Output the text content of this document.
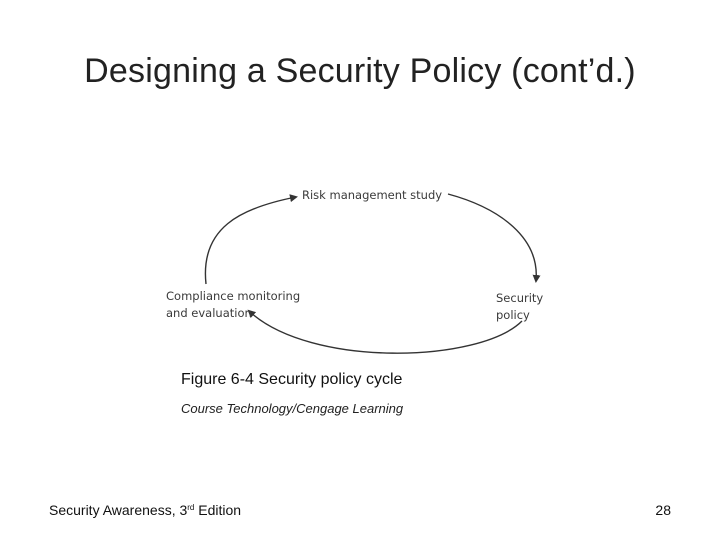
Designing a Security Policy (cont’d.)
Risk management study
Security
policy
Compliance monitoring
and evaluation
Figure 6-4 Security policy cycle
Course Technology/Cengage Learning
Security Awareness, 3rd Edition	28
